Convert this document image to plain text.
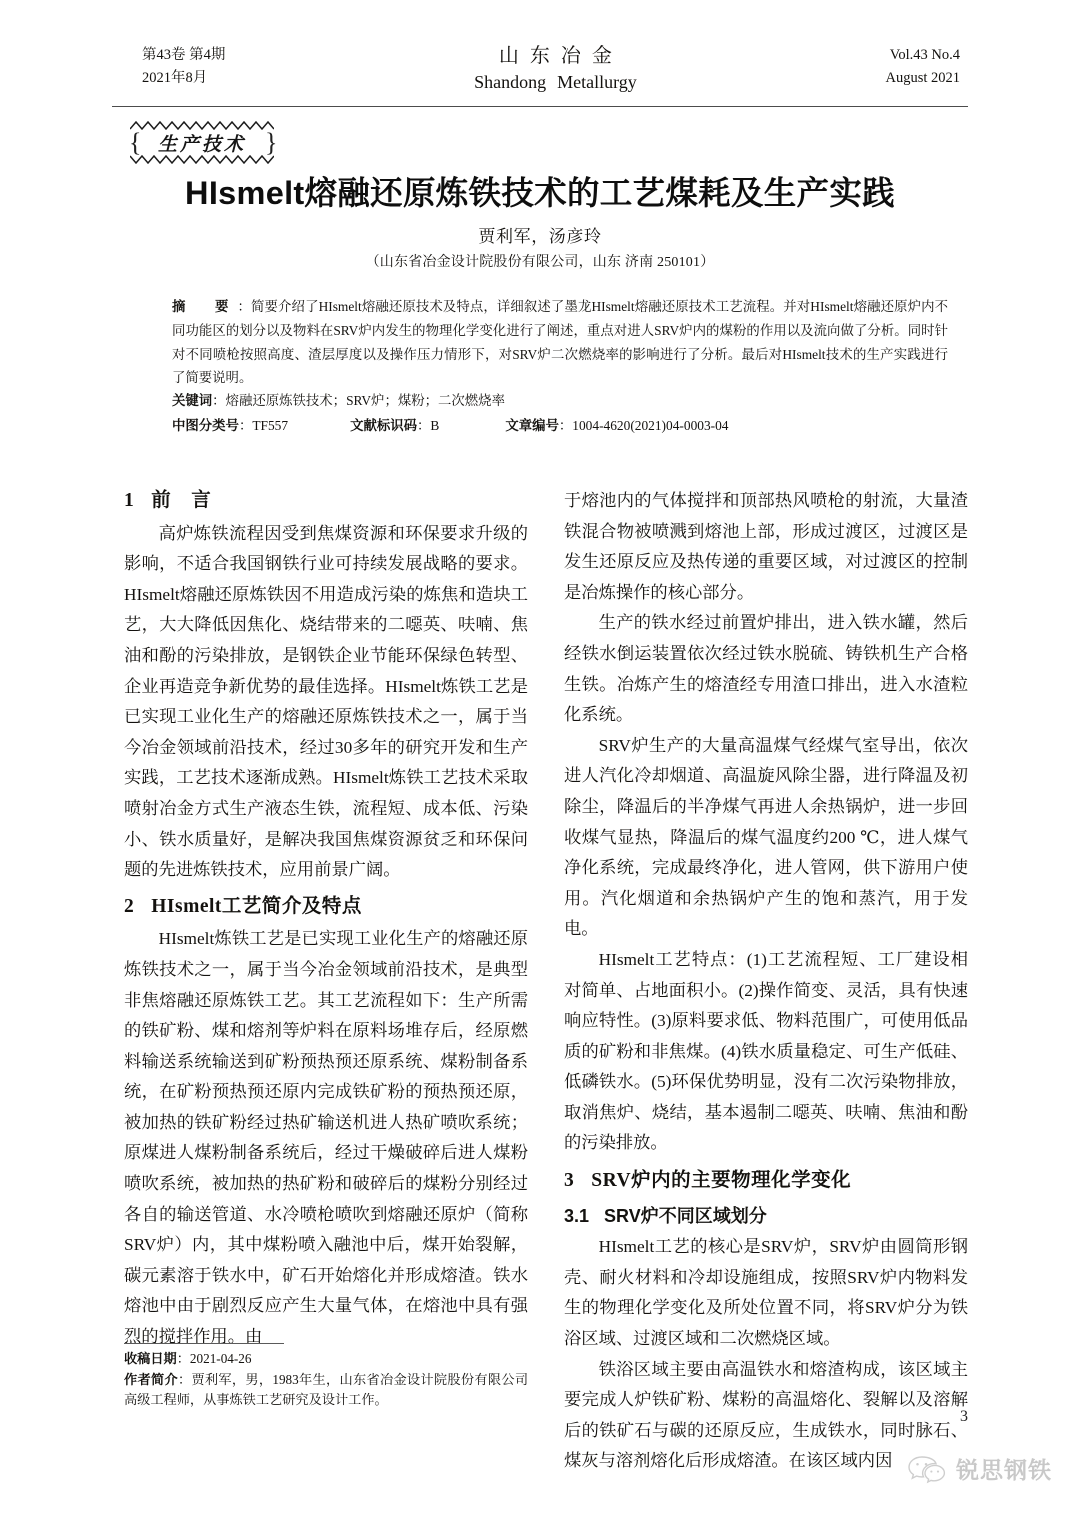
第43卷 第4期
2021年8月
山东冶金
Shandong Metallurgy
Vol.43 No.4
August 2021
{	}
生产技术
HIsmelt熔融还原炼铁技术的工艺煤耗及生产实践
贾利军，汤彦玲
（山东省冶金设计院股份有限公司，山东 济南 250101）
摘　要：简要介绍了HIsmelt熔融还原技术及特点，详细叙述了墨龙HIsmelt熔融还原技术工艺流程。并对HIsmelt熔融还原炉内不同功能区的划分以及物料在SRV炉内发生的物理化学变化进行了阐述，重点对进人SRV炉内的煤粉的作用以及流向做了分析。同时针对不同喷枪按照高度、渣层厚度以及操作压力情形下，对SRV炉二次燃烧率的影响进行了分析。最后对HIsmelt技术的生产实践进行了简要说明。
关键词：熔融还原炼铁技术；SRV炉；煤粉；二次燃烧率
中图分类号：TF557	文献标识码：B	文章编号：1004-4620(2021)04-0003-04
1 前　言

高炉炼铁流程因受到焦煤资源和环保要求升级的影响，不适合我国钢铁行业可持续发展战略的要求。HIsmelt熔融还原炼铁因不用造成污染的炼焦和造块工艺，大大降低因焦化、烧结带来的二噁英、呋喃、焦油和酚的污染排放，是钢铁企业节能环保绿色转型、企业再造竞争新优势的最佳选择。HIsmelt炼铁工艺是已实现工业化生产的熔融还原炼铁技术之一，属于当今冶金领域前沿技术，经过30多年的研究开发和生产实践，工艺技术逐渐成熟。HIsmelt炼铁工艺技术采取喷射冶金方式生产液态生铁，流程短、成本低、污染小、铁水质量好，是解决我国焦煤资源贫乏和环保问题的先进炼铁技术，应用前景广阔。

2 HIsmelt工艺简介及特点

HIsmelt炼铁工艺是已实现工业化生产的熔融还原炼铁技术之一，属于当今冶金领域前沿技术，是典型非焦熔融还原炼铁工艺。其工艺流程如下：生产所需的铁矿粉、煤和熔剂等炉料在原料场堆存后，经原燃料输送系统输送到矿粉预热预还原系统、煤粉制备系统，在矿粉预热预还原内完成铁矿粉的预热预还原，被加热的铁矿粉经过热矿输送机进人热矿喷吹系统；原煤进人煤粉制备系统后，经过干燥破碎后进人煤粉喷吹系统，被加热的热矿粉和破碎后的煤粉分别经过各自的输送管道、水冷喷枪喷吹到熔融还原炉（简称SRV炉）内，其中煤粉喷入融池中后，煤开始裂解，碳元素溶于铁水中，矿石开始熔化并形成熔渣。铁水熔池中由于剧烈反应产生大量气体，在熔池中具有强烈的搅拌作用。由

于熔池内的气体搅拌和顶部热风喷枪的射流，大量渣铁混合物被喷溅到熔池上部，形成过渡区，过渡区是发生还原反应及热传递的重要区域，对过渡区的控制是冶炼操作的核心部分。

生产的铁水经过前置炉排出，进入铁水罐，然后经铁水倒运装置依次经过铁水脱硫、铸铁机生产合格生铁。冶炼产生的熔渣经专用渣口排出，进入水渣粒化系统。

SRV炉生产的大量高温煤气经煤气室导出，依次进人汽化冷却烟道、高温旋风除尘器，进行降温及初除尘，降温后的半净煤气再进人余热锅炉，进一步回收煤气显热，降温后的煤气温度约200 ℃，进人煤气净化系统，完成最终净化，进人管网，供下游用户使用。汽化烟道和余热锅炉产生的饱和蒸汽，用于发电。

HIsmelt工艺特点：(1)工艺流程短、工厂建设相对简单、占地面积小。(2)操作简变、灵活，具有快速响应特性。(3)原料要求低、物料范围广，可使用低品质的矿粉和非焦煤。(4)铁水质量稳定、可生产低硅、低磷铁水。(5)环保优势明显，没有二次污染物排放，取消焦炉、烧结，基本遏制二噁英、呋喃、焦油和酚的污染排放。

3 SRV炉内的主要物理化学变化
3.1 SRV炉不同区域划分

HIsmelt工艺的核心是SRV炉，SRV炉由圆筒形钢壳、耐火材料和冷却设施组成，按照SRV炉内物料发生的物理化学变化及所处位置不同，将SRV炉分为铁浴区域、过渡区域和二次燃烧区域。

铁浴区域主要由高温铁水和熔渣构成，该区域主要完成人炉铁矿粉、煤粉的高温熔化、裂解以及溶解后的铁矿石与碳的还原反应，生成铁水，同时脉石、煤灰与溶剂熔化后形成熔渣。在该区域内因

收稿日期：2021-04-26
作者简介：贾利军，男，1983年生，山东省冶金设计院股份有限公司高级工程师，从事炼铁工艺研究及设计工作。
3
锐思钢铁
